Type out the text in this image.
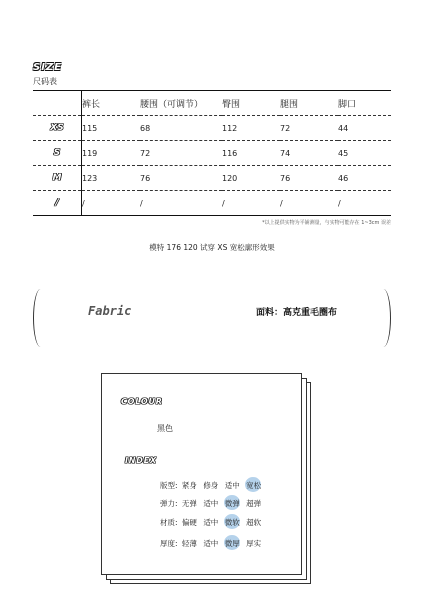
SIZE
尺码表
	裤长	腰围（可调节）	臀围	腿围	脚口
XS	115	68	112	72	44
S	119	72	116	74	45
M	123	76	120	76	46
/	/	/	/	/	/
*以上提供实物为平铺测量，与实物可能存在 1~3cm 误差
模特 176 120 试穿 XS 宽松廓形效果
Fabric	面料：高克重毛圈布
COLOUR
黑色
INDEX
版型: 紧身 修身 适中 宽松
弹力: 无弹 适中 微弹 超弹
材质: 偏硬 适中 微软 超软
厚度: 轻薄 适中 微厚 厚实
